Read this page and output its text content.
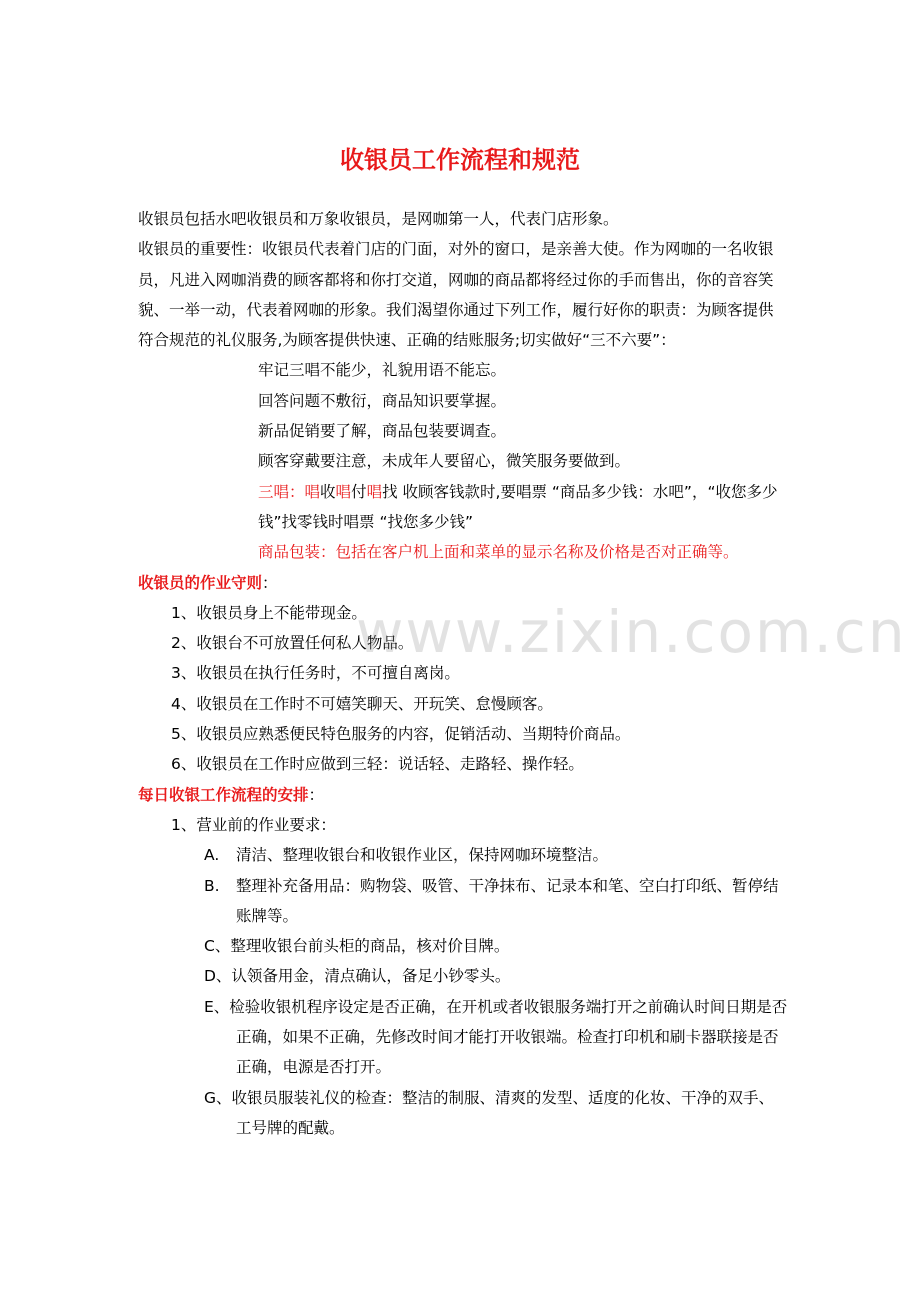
收银员工作流程和规范

收银员包括水吧收银员和万象收银员，是网咖第一人，代表门店形象。

收银员的重要性：收银员代表着门店的门面，对外的窗口，是亲善大使。作为网咖的一名收银员，凡进入网咖消费的顾客都将和你打交道，网咖的商品都将经过你的手而售出，你的音容笑貌、一举一动，代表着网咖的形象。我们渴望你通过下列工作，履行好你的职责：为顾客提供符合规范的礼仪服务,为顾客提供快速、正确的结账服务;切实做好“三不六要”：

牢记三唱不能少，礼貌用语不能忘。

回答问题不敷衍，商品知识要掌握。

新品促销要了解，商品包装要调查。

顾客穿戴要注意，未成年人要留心，微笑服务要做到。

三唱：唱收唱付唱找 收顾客钱款时,要唱票 “商品多少钱：水吧”，“收您多少钱”找零钱时唱票 “找您多少钱”

商品包装：包括在客户机上面和菜单的显示名称及价格是否对正确等。

收银员的作业守则：

1、收银员身上不能带现金。

2、收银台不可放置任何私人物品。

3、收银员在执行任务时，不可擅自离岗。

4、收银员在工作时不可嬉笑聊天、开玩笑、怠慢顾客。

5、收银员应熟悉便民特色服务的内容，促销活动、当期特价商品。

6、收银员在工作时应做到三轻：说话轻、走路轻、操作轻。

每日收银工作流程的安排：

1、营业前的作业要求：

A. 清洁、整理收银台和收银作业区，保持网咖环境整洁。

B. 整理补充备用品：购物袋、吸管、干净抹布、记录本和笔、空白打印纸、暂停结账牌等。

C、整理收银台前头柜的商品，核对价目牌。

D、认领备用金，清点确认，备足小钞零头。

E、检验收银机程序设定是否正确，在开机或者收银服务端打开之前确认时间日期是否正确，如果不正确，先修改时间才能打开收银端。检查打印机和刷卡器联接是否正确，电源是否打开。

G、收银员服装礼仪的检查：整洁的制服、清爽的发型、适度的化妆、干净的双手、工号牌的配戴。

www.zixin.com.cn
